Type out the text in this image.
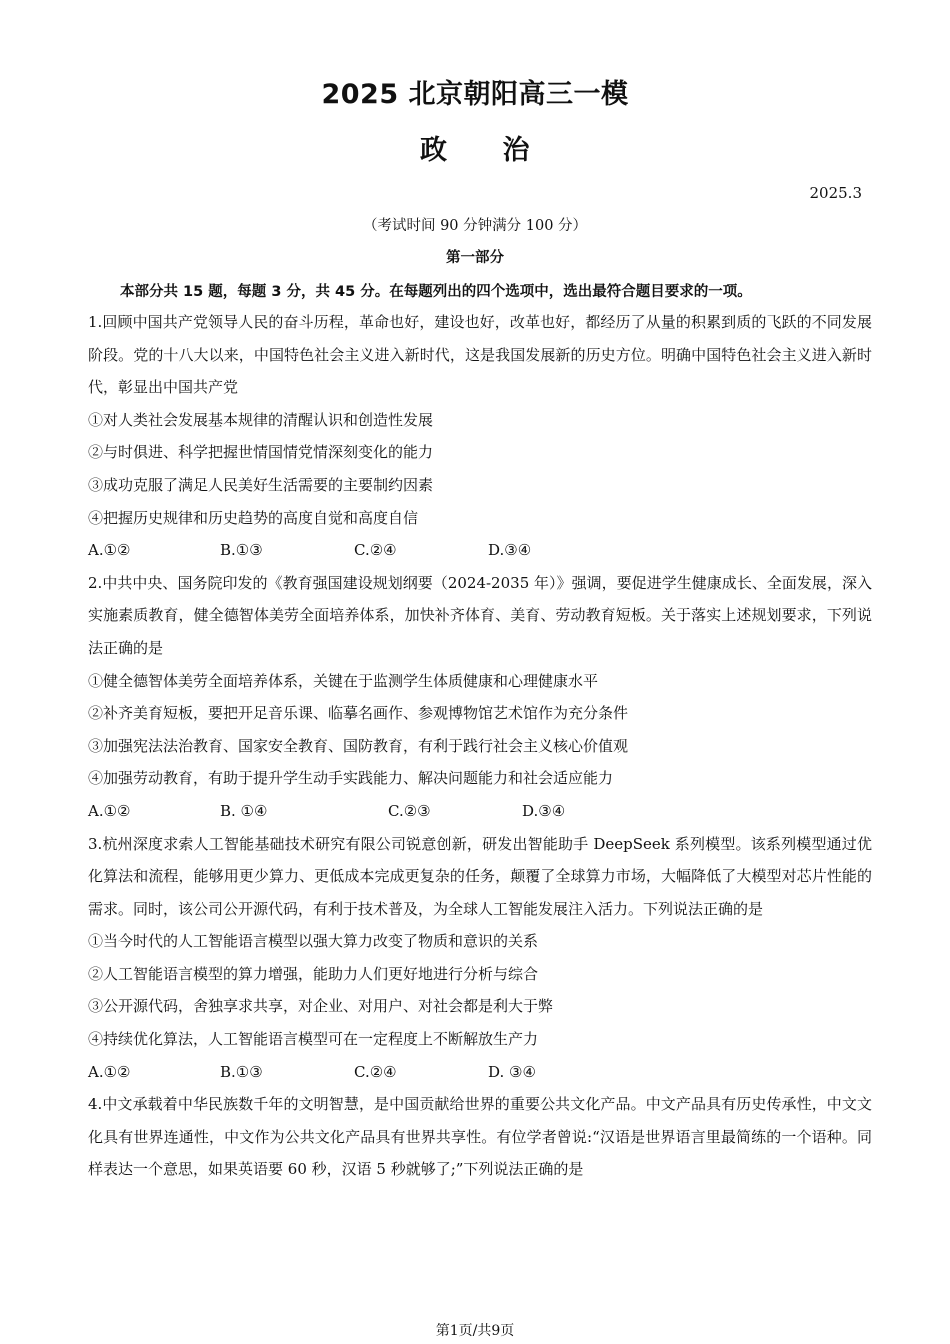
2025 北京朝阳高三一模
政　　治
2025.3
（考试时间 90 分钟满分 100 分）
第一部分
本部分共 15 题，每题 3 分，共 45 分。在每题列出的四个选项中，选出最符合题目要求的一项。
1.回顾中国共产党领导人民的奋斗历程，革命也好，建设也好，改革也好，都经历了从量的积累到质的飞跃的不同发展阶段。党的十八大以来，中国特色社会主义进入新时代，这是我国发展新的历史方位。明确中国特色社会主义进入新时代，彰显出中国共产党
①对人类社会发展基本规律的清醒认识和创造性发展
②与时俱进、科学把握世情国情党情深刻变化的能力
③成功克服了满足人民美好生活需要的主要制约因素
④把握历史规律和历史趋势的高度自觉和高度自信
A.①②	B.①③	C.②④	D.③④
2.中共中央、国务院印发的《教育强国建设规划纲要（2024-2035 年）》强调，要促进学生健康成长、全面发展，深入实施素质教育，健全德智体美劳全面培养体系，加快补齐体育、美育、劳动教育短板。关于落实上述规划要求，下列说法正确的是
①健全德智体美劳全面培养体系，关键在于监测学生体质健康和心理健康水平
②补齐美育短板，要把开足音乐课、临摹名画作、参观博物馆艺术馆作为充分条件
③加强宪法法治教育、国家安全教育、国防教育，有利于践行社会主义核心价值观
④加强劳动教育，有助于提升学生动手实践能力、解决问题能力和社会适应能力
A.①②	B. ①④	C.②③	D.③④
3.杭州深度求索人工智能基础技术研究有限公司锐意创新，研发出智能助手 DeepSeek 系列模型。该系列模型通过优化算法和流程，能够用更少算力、更低成本完成更复杂的任务，颠覆了全球算力市场，大幅降低了大模型对芯片性能的需求。同时，该公司公开源代码，有利于技术普及，为全球人工智能发展注入活力。下列说法正确的是
①当今时代的人工智能语言模型以强大算力改变了物质和意识的关系
②人工智能语言模型的算力增强，能助力人们更好地进行分析与综合
③公开源代码，舍独享求共享，对企业、对用户、对社会都是利大于弊
④持续优化算法，人工智能语言模型可在一定程度上不断解放生产力
A.①②	B.①③	C.②④	D. ③④
4.中文承载着中华民族数千年的文明智慧，是中国贡献给世界的重要公共文化产品。中文产品具有历史传承性，中文文化具有世界连通性，中文作为公共文化产品具有世界共享性。有位学者曾说:“汉语是世界语言里最简练的一个语种。同样表达一个意思，如果英语要 60 秒，汉语 5 秒就够了;”下列说法正确的是
第1页/共9页
